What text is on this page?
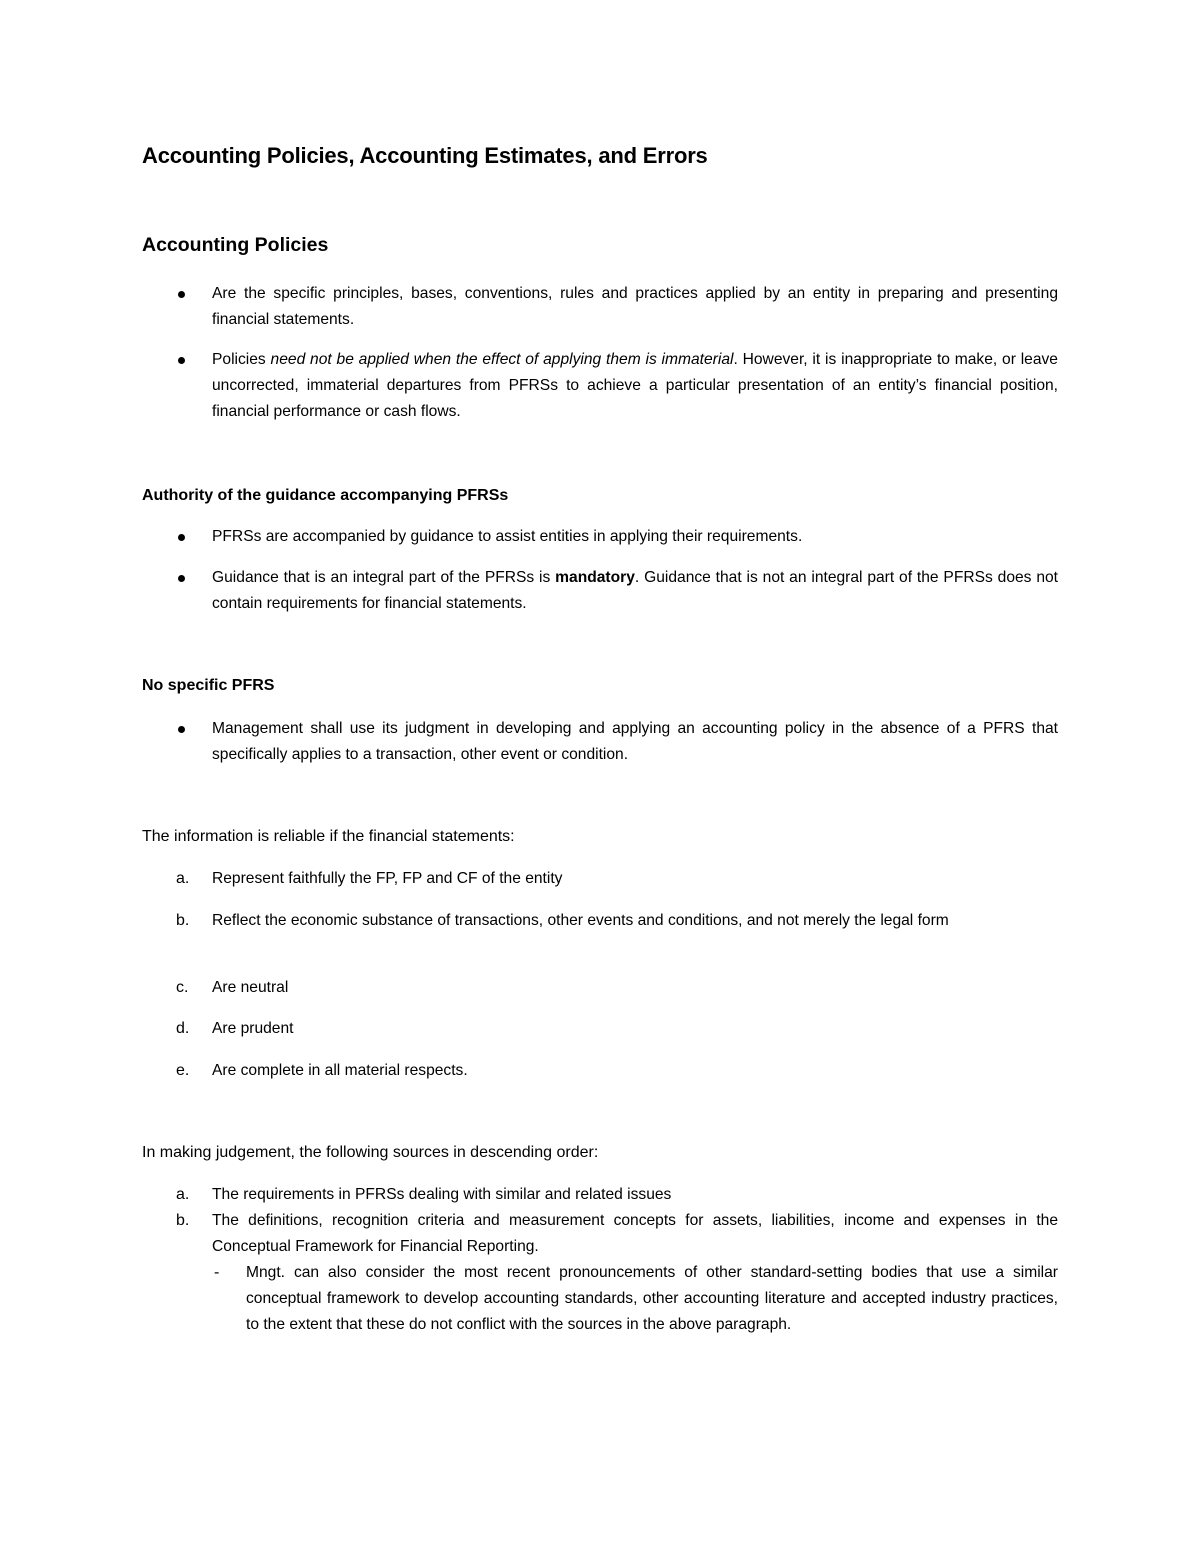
Accounting Policies, Accounting Estimates, and Errors
Accounting Policies
Are the specific principles, bases, conventions, rules and practices applied by an entity in preparing and presenting financial statements.
Policies need not be applied when the effect of applying them is immaterial. However, it is inappropriate to make, or leave uncorrected, immaterial departures from PFRSs to achieve a particular presentation of an entity’s financial position, financial performance or cash flows.
Authority of the guidance accompanying PFRSs
PFRSs are accompanied by guidance to assist entities in applying their requirements.
Guidance that is an integral part of the PFRSs is mandatory. Guidance that is not an integral part of the PFRSs does not contain requirements for financial statements.
No specific PFRS
Management shall use its judgment in developing and applying an accounting policy in the absence of a PFRS that specifically applies to a transaction, other event or condition.

The information is reliable if the financial statements:

a.	Represent faithfully the FP, FP and CF of the entity
b.	Reflect the economic substance of transactions, other events and conditions, and not merely the legal form
c.	Are neutral
d.	Are prudent
e.	Are complete in all material respects.

In making judgement, the following sources in descending order:

a.	The requirements in PFRSs dealing with similar and related issues
b.	The definitions, recognition criteria and measurement concepts for assets, liabilities, income and expenses in the Conceptual Framework for Financial Reporting.
- Mngt. can also consider the most recent pronouncements of other standard-setting bodies that use a similar conceptual framework to develop accounting standards, other accounting literature and accepted industry practices, to the extent that these do not conflict with the sources in the above paragraph.
